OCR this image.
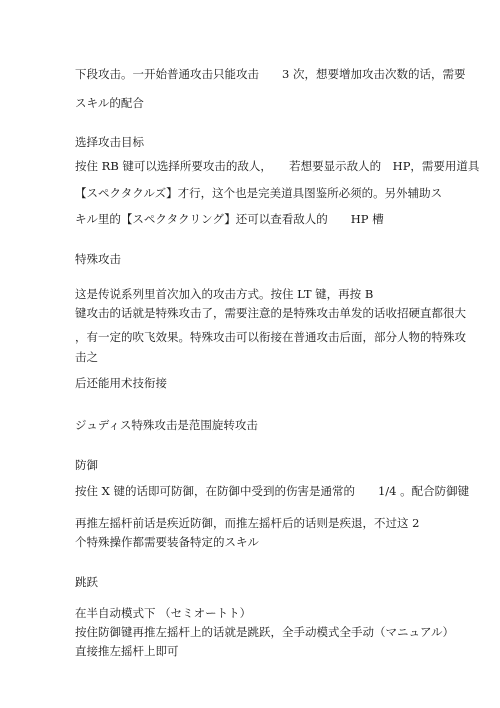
下段攻击。一开始普通攻击只能攻击　　3 次，想要增加攻击次数的话，需要
スキル的配合
选择攻击目标
按住 RB 键可以选择所要攻击的敌人，　　若想要显示敌人的　HP，需要用道具
【スペクタクルズ】才行，这个也是完美道具图鉴所必须的。另外辅助ス
キル里的【スペクタクリング】还可以查看敌人的　　HP 槽
特殊攻击
这是传说系列里首次加入的攻击方式。按住 LT 键，再按 B
键攻击的话就是特殊攻击了，需要注意的是特殊攻击单发的话收招硬直都很大
，有一定的吹飞效果。特殊攻击可以衔接在普通攻击后面，部分人物的特殊攻
击之
后还能用术技衔接
ジュディス特殊攻击是范围旋转攻击
防御
按住 X 键的话即可防御，在防御中受到的伤害是通常的　　1/4 。配合防御键
再推左摇杆前话是疾近防御，而推左摇杆后的话则是疾退，不过这 2
个特殊操作都需要装备特定的スキル
跳跃
在半自动模式下 （セミオートト）
按住防御键再推左摇杆上的话就是跳跃，全手动模式全手动（マニュアル）
直接推左摇杆上即可
